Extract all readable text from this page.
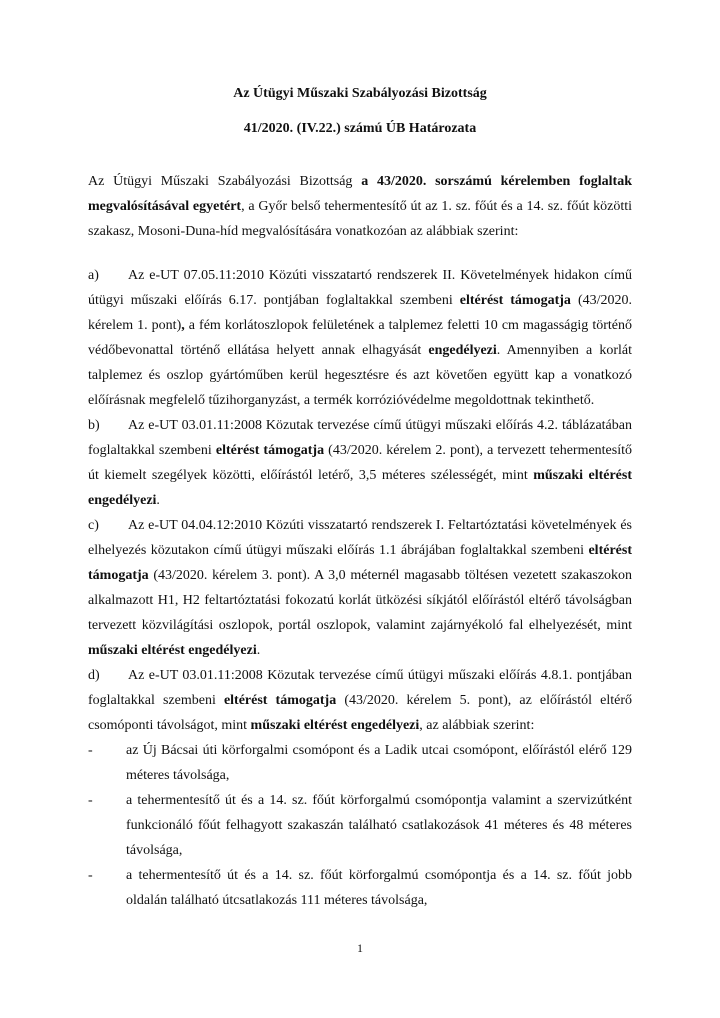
Az Útügyi Műszaki Szabályozási Bizottság
41/2020. (IV.22.) számú ÚB Határozata

Az Útügyi Műszaki Szabályozási Bizottság a 43/2020. sorszámú kérelemben foglaltak megvalósításával egyetért, a Győr belső tehermentesítő út az 1. sz. főút és a 14. sz. főút közötti szakasz, Mosoni-Duna-híd megvalósítására vonatkozóan az alábbiak szerint:

a) Az e-UT 07.05.11:2010 Közúti visszatartó rendszerek II. Követelmények hidakon című útügyi műszaki előírás 6.17. pontjában foglaltakkal szembeni eltérést támogatja (43/2020. kérelem 1. pont), a fém korlátoszlopok felületének a talplemez feletti 10 cm magasságig történő védőbevonattal történő ellátása helyett annak elhagyását engedélyezi. Amennyiben a korlát talplemez és oszlop gyártóműben kerül hegesztésre és azt követően együtt kap a vonatkozó előírásnak megfelelő tűzihorganyzást, a termék korrózióvédelme megoldottnak tekinthető.

b) Az e-UT 03.01.11:2008 Közutak tervezése című útügyi műszaki előírás 4.2. táblázatában foglaltakkal szembeni eltérést támogatja (43/2020. kérelem 2. pont), a tervezett tehermentesítő út kiemelt szegélyek közötti, előírástól letérő, 3,5 méteres szélességét, mint műszaki eltérést engedélyezi.

c) Az e-UT 04.04.12:2010 Közúti visszatartó rendszerek I. Feltartóztatási követelmények és elhelyezés közutakon című útügyi műszaki előírás 1.1 ábrájában foglaltakkal szembeni eltérést támogatja (43/2020. kérelem 3. pont). A 3,0 méternél magasabb töltésen vezetett szakaszokon alkalmazott H1, H2 feltartóztatási fokozatú korlát ütközési síkjától előírástól eltérő távolságban tervezett közvilágítási oszlopok, portál oszlopok, valamint zajárnyékoló fal elhelyezését, mint műszaki eltérést engedélyezi.

d) Az e-UT 03.01.11:2008 Közutak tervezése című útügyi műszaki előírás 4.8.1. pontjában foglaltakkal szembeni eltérést támogatja (43/2020. kérelem 5. pont), az előírástól eltérő csomóponti távolságot, mint műszaki eltérést engedélyezi, az alábbiak szerint:

-	az Új Bácsai úti körforgalmi csomópont és a Ladik utcai csomópont, előírástól elérő 129 méteres távolsága,
-	a tehermentesítő út és a 14. sz. főút körforgalmú csomópontja valamint a szervizútként funkcionáló főút felhagyott szakaszán található csatlakozások 41 méteres és 48 méteres távolsága,
-	a tehermentesítő út és a 14. sz. főút körforgalmú csomópontja és a 14. sz. főút jobb oldalán található útcsatlakozás 111 méteres távolsága,
1
